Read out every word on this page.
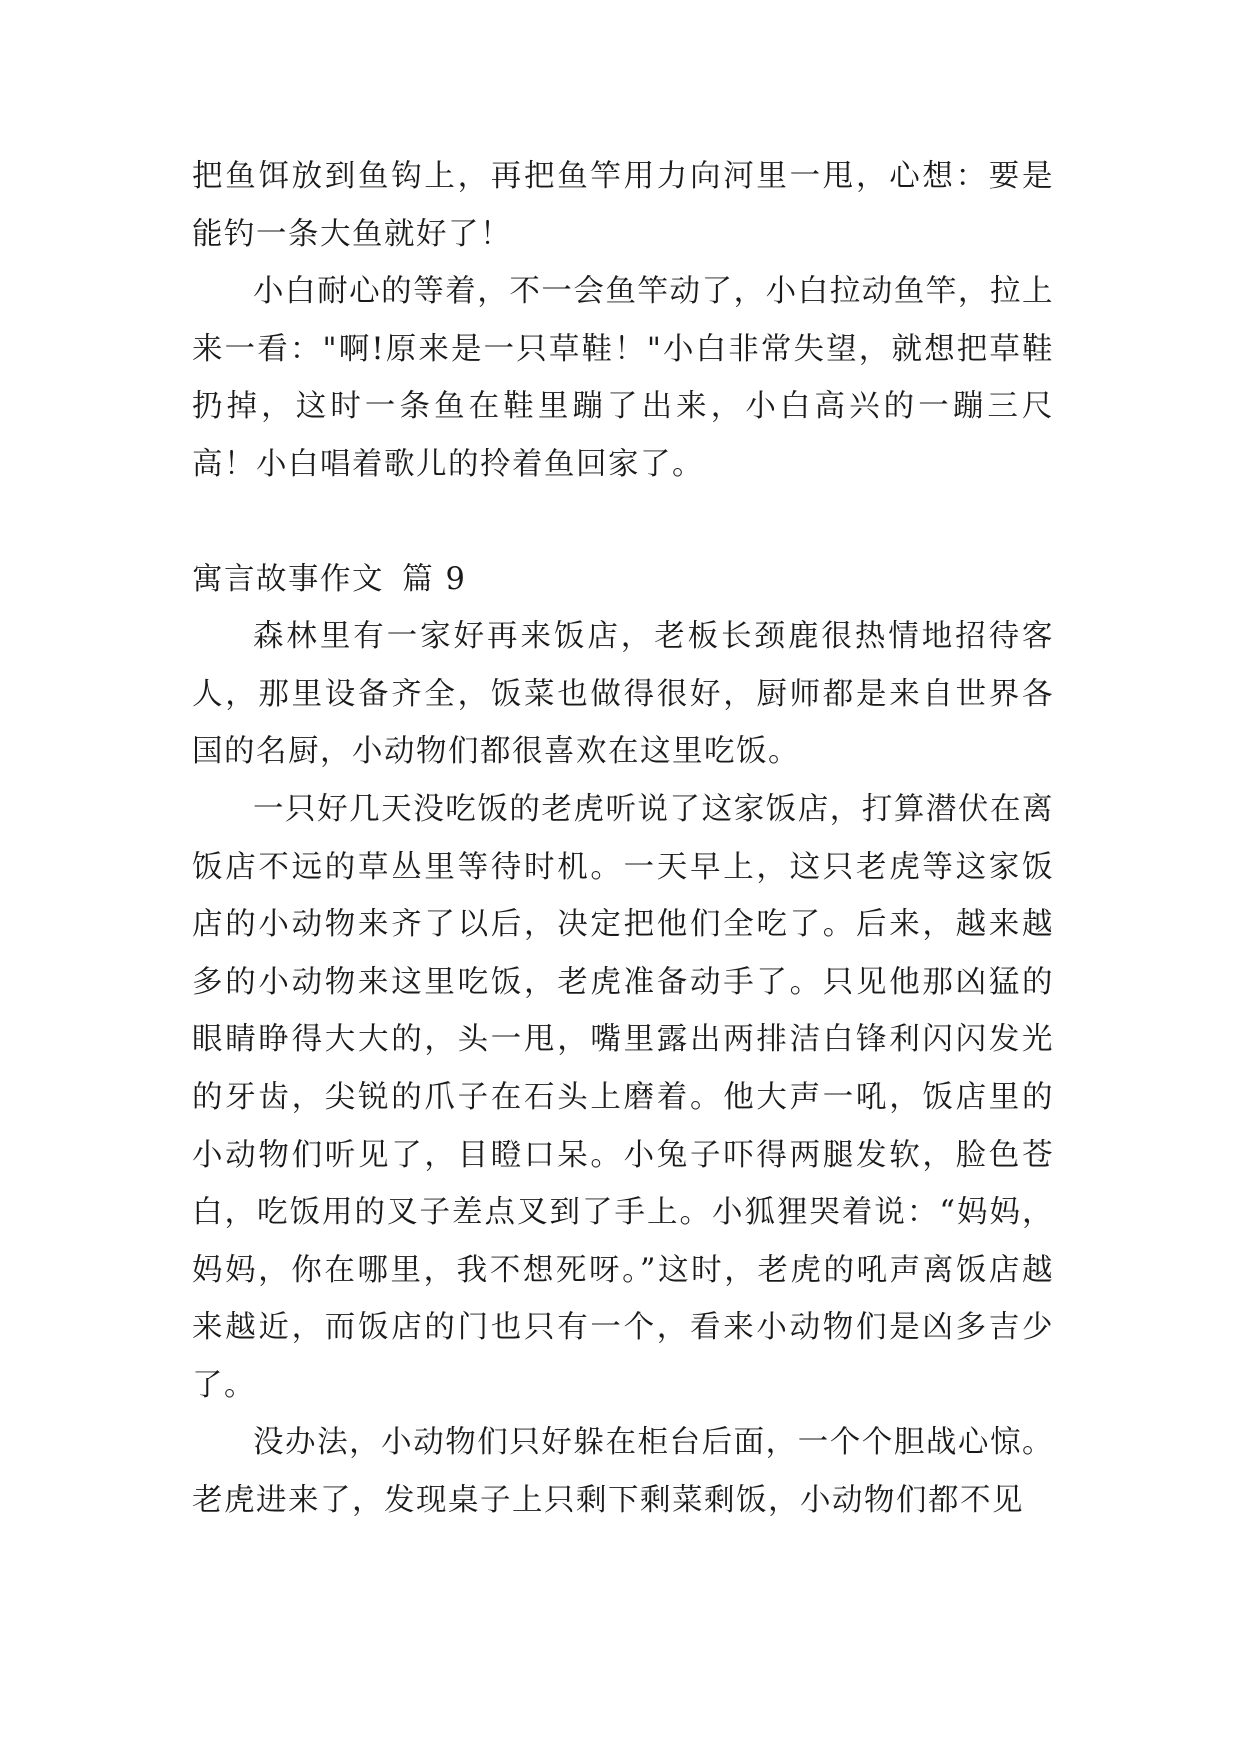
把鱼饵放到鱼钩上，再把鱼竿用力向河里一甩，心想：要是能钓一条大鱼就好了！

小白耐心的等着，不一会鱼竿动了，小白拉动鱼竿，拉上来一看："啊!原来是一只草鞋！"小白非常失望，就想把草鞋扔掉，这时一条鱼在鞋里蹦了出来，小白高兴的一蹦三尺高！小白唱着歌儿的拎着鱼回家了。

寓言故事作文 篇 9

森林里有一家好再来饭店，老板长颈鹿很热情地招待客人，那里设备齐全，饭菜也做得很好，厨师都是来自世界各国的名厨，小动物们都很喜欢在这里吃饭。

一只好几天没吃饭的老虎听说了这家饭店，打算潜伏在离饭店不远的草丛里等待时机。一天早上，这只老虎等这家饭店的小动物来齐了以后，决定把他们全吃了。后来，越来越多的小动物来这里吃饭，老虎准备动手了。只见他那凶猛的眼睛睁得大大的，头一甩，嘴里露出两排洁白锋利闪闪发光的牙齿，尖锐的爪子在石头上磨着。他大声一吼，饭店里的小动物们听见了，目瞪口呆。小兔子吓得两腿发软，脸色苍白，吃饭用的叉子差点叉到了手上。小狐狸哭着说：“妈妈，妈妈，你在哪里，我不想死呀。”这时，老虎的吼声离饭店越来越近，而饭店的门也只有一个，看来小动物们是凶多吉少了。

没办法，小动物们只好躲在柜台后面，一个个胆战心惊。老虎进来了，发现桌子上只剩下剩菜剩饭，小动物们都不见
